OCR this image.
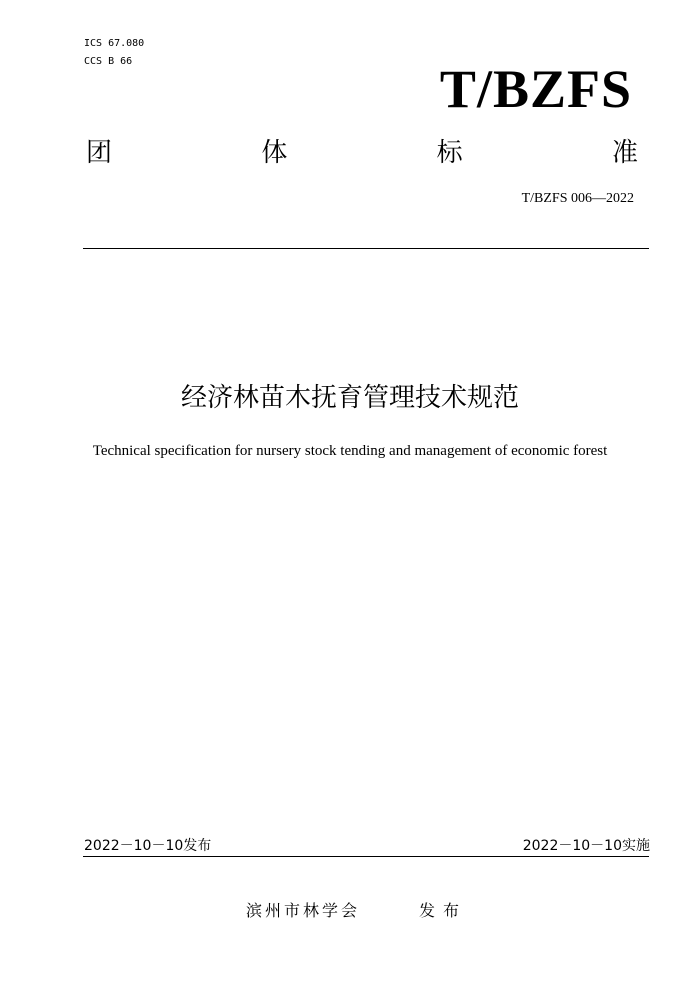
ICS 67.080
CCS B 66	T/BZFS
团	体	标	准
T/BZFS 006—2022
经济林苗木抚育管理技术规范
Technical specification for nursery stock tending and management of economic forest
2022－10－10发布	2022－10－10实施
滨州市林学会	发布
